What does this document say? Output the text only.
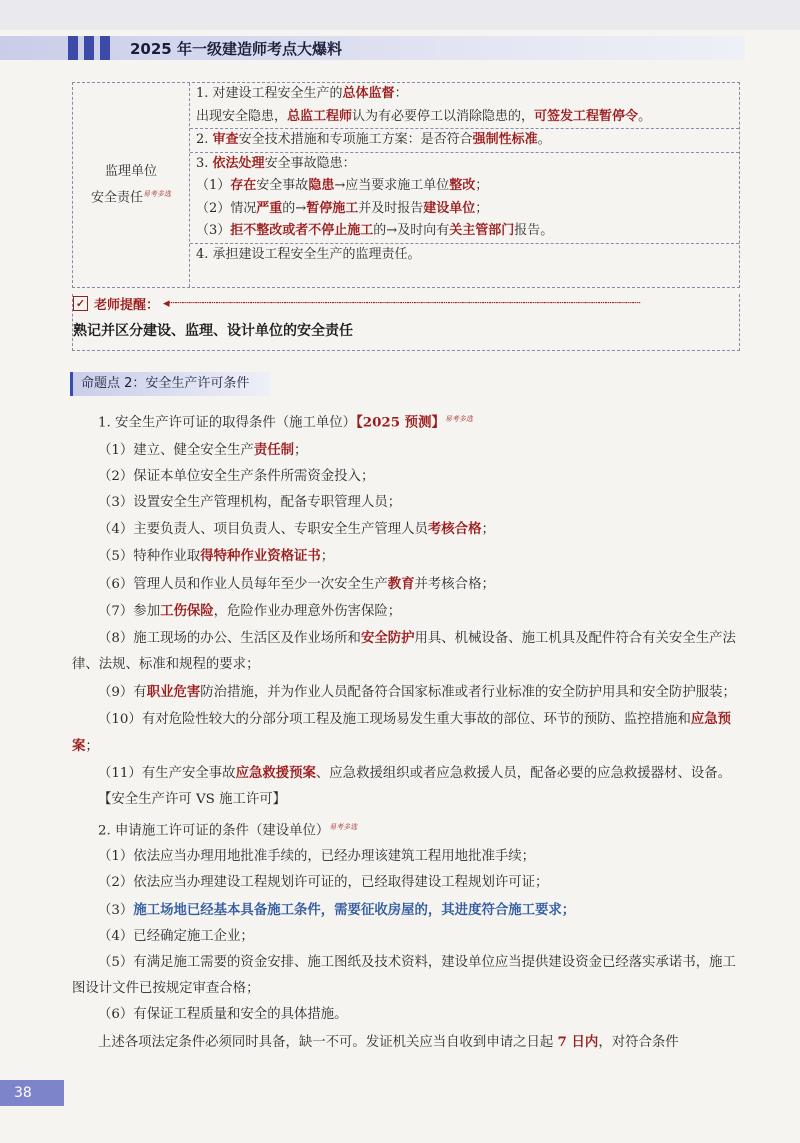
2025 年一级建造师考点大爆料
监理单位
安全责任$^{易考多选}$
1. 对建设工程安全生产的总体监督：
出现安全隐患，总监工程师认为有必要停工以消除隐患的，可签发工程暂停令。
2. 审查安全技术措施和专项施工方案：是否符合强制性标准。
3. 依法处理安全事故隐患：
（1）存在安全事故隐患→应当要求施工单位整改；
（2）情况严重的→暂停施工并及时报告建设单位；
（3）拒不整改或者不停止施工的→及时向有关主管部门报告。
4. 承担建设工程安全生产的监理责任。
✓ 老师提醒： ◂┈┈┈┈┈┈┈┈┈┈┈┈┈┈┈┈┈┈┈┈┈┈┈┈┈┈┈┈┈┈┈┈┈┈┈┈┈┈┈┈┈┈┈┈┈┈┈┈┈┈┈┈┈┈┈┈┈┈┈┈┈┈┈┈┈┈┈┈┈
熟记并区分建设、监理、设计单位的安全责任
命题点 2：安全生产许可条件

1. 安全生产许可证的取得条件（施工单位）【2025 预测】$^{易考多选}$

（1）建立、健全安全生产责任制；

（2）保证本单位安全生产条件所需资金投入；

（3）设置安全生产管理机构，配备专职管理人员；

（4）主要负责人、项目负责人、专职安全生产管理人员考核合格；

（5）特种作业取得特种作业资格证书；

（6）管理人员和作业人员每年至少一次安全生产教育并考核合格；

（7）参加工伤保险，危险作业办理意外伤害保险；

（8）施工现场的办公、生活区及作业场所和安全防护用具、机械设备、施工机具及配件符合有关安全生产法律、法规、标准和规程的要求；

（9）有职业危害防治措施，并为作业人员配备符合国家标准或者行业标准的安全防护用具和安全防护服装；

（10）有对危险性较大的分部分项工程及施工现场易发生重大事故的部位、环节的预防、监控措施和应急预案；

（11）有生产安全事故应急救援预案、应急救援组织或者应急救援人员，配备必要的应急救援器材、设备。

【安全生产许可 VS 施工许可】

2. 申请施工许可证的条件（建设单位）$^{易考多选}$

（1）依法应当办理用地批准手续的，已经办理该建筑工程用地批准手续；

（2）依法应当办理建设工程规划许可证的，已经取得建设工程规划许可证；

（3）施工场地已经基本具备施工条件，需要征收房屋的，其进度符合施工要求；

（4）已经确定施工企业；

（5）有满足施工需要的资金安排、施工图纸及技术资料，建设单位应当提供建设资金已经落实承诺书，施工图设计文件已按规定审查合格；

（6）有保证工程质量和安全的具体措施。

上述各项法定条件必须同时具备，缺一不可。发证机关应当自收到申请之日起 7 日内，对符合条件

38
